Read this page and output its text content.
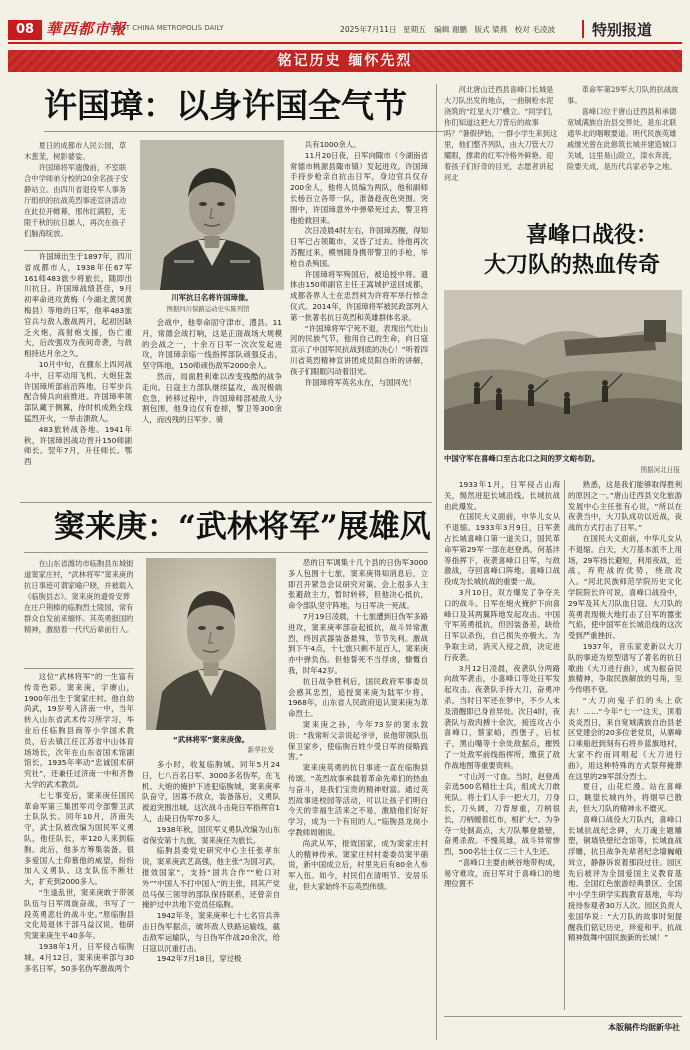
08 華西都市報
WEST CHINA METROPOLIS DAILY	2025年7月11日 星期五 编辑 谢鹏 版式 梁燕 校对 毛凌波 特别报道
铭记历史 缅怀先烈
许国璋：以身许国全气节

夏日的成都市人民公园，草木葱茏，树影婆娑。

许国璋将军遗像前，不室联合中学师弟分校的20余名孩子安静站立。由四川省退役军人事务厅组织的抗战英烈事迹宣讲活动在此拉开帷幕，邢伟红满腔，无限千秋的抗日雄人，再次在孩子们脑海绽放。

川军抗日名将许国璋像。
图据四川保路运动史实陈列馆

许国璋出生于1897年，四川省成都市人，1938年任67军161师483旅少将旅长，随即出川抗日。许国璋战绩甚佳，9月初率命进攻黄梅（今湖北黄冈黄梅县）等地的日军，他率483旅官兵与敌人激战两月，起初因缺乏火炮，高射炮支援，伤亡重大，后改强攻为夜间奇袭，与敌相持达月余之久。

10月中旬，在骤东上四河战斗中，日军动用飞机、大炮狂轰许国璋所部前沿阵地，日军步兵配合骑兵向前推进。许国璋率领部队藏于侧翼，待时机成熟全线猛烈开火，一举击溃敌人。

483旅转战各地。1941年秋，许国璋因战功晋升150师副师长。翌年7月，升任师长。鄂西

会战中，他奉命固守津市、澧县。11月，常德会战打响，这是正面战场大规模的会战之一，十余万日军一次次发起进攻，许国璋亲临一线指挥部队顽强反击，坚守阵地，150师顽伤敌军2000余人。

然而，局面胜利难以改变残酷的战争走向。日寇主力部队继续猛攻，战况极端危急，转移过程中，许国璋师部被敌人分割包围，他身边仅有卷掉，警卫等300余人，而凶残的日军步、骑

兵有1000余人。

11月20日夜，日军向陬市（今湖南省常德市桃源县陬市镇）发起进攻。许国璋手持步枪亲自抗击日军，身边官兵仅存200余人，他将人员编为两队，他和副师长杨百立各带一队，准备趁夜色突围。突围中，许国璋意外中弹晕死过去，警卫将他抢救回来。

次日凌晨4时左右，许国璋苏醒，得知日军已占领陬市，又昏了过去。待他再次苏醒过来，模刎随身携带警卫的手枪，举枪自杀殉国。

许国璋将军殉国后，被追授中将。遗体由150师副官主任王嵩城护送回成都，成都各界人士在忠烈祠为许将军举行悼念仪式。2014年，许国璋将军被民政部列入第一批著名抗日英烈和英雄群体名录。

“许国璋将军宁死不退，表现出气壮山河的民族气节，他用自己的生命，向日寇宣示了中国军民抗战到底的决心！”听着四川省英烈精神宣讲团成员阳自昕的讲解，孩子们眼眶闪动着泪光。

许国璋将军英名永在，与国同光！

窦来庚：“武林将军”展雄风

在山东省潍坊市临朐县东城街道窦家庄村，“武林将军”窦来庚的抗日事迹可谓家喻户晓，并被载入《临朐县志》。窦来庚的遗骨安葬在庄户荆榛的临朐烈士陵园，常有群众自发前来缅怀。其英勇报国的精神，激励着一代代后辈前行人。

“武林将军”窦来庚像。
新华社发

这位“武林将军”的一生富有传奇色彩。窦来庚，字赓山，1900年出生于窦家庄村。他自幼尚武，19岁考入济南一中，当年转入山东省武术传习所学习，毕业后任临朐县商等小学国术教员，后去镇江任江苏省中山体育场场长，次年在山东省国术馆副馆长，1935年率动“忠诚国术研究社”，还兼任过济南一中和齐鲁大学的武术教员。

七七事变后，窦来庚任国民革命军第三集团军司令部警卫武士队队长。同年10月，济南失守，武士队被改编为国民军义勇队，他任队长，率120人来到临朐。此后，他多方筹集装备，很多爱国人士仰慕他的威望，纷纷加入义勇队。这支队伍不断壮大，扩充到2000多人。

“生逢乱世，窦来庚敢于带领队伍与日军周旋奋战，书写了一段英勇悲壮的战斗史。”原临朐县文化局退休干部马益汉说，他研究窦来庚生平40多年。

1938年1月，日军侵占临朐城。4月12日，窦来庚率部与30多名日军，50多名伪军激战两个

多小时，收复临朐城。同年5月24日，七八百名日军、3000多名伪军，在飞机、大炮的掩护下进犯临朐城，窦来庚率队奋守，因寡不敌众，装备落后，义勇队被迫突围出城。这次战斗击毙日军指挥官1人，击毙日伪军70多人。

1938年秋，国民军义勇队改编为山东省保安第十九旅，窦来庚任为旅长。

临朐县委党史研究中心主任张孝东说，窦来庚武艺高强，他主张“为国习武，报效国家”，支持“国共合作”“枪口对外”“中国人不打中国人”的主张，同其产党员马保三领导的部队保持联系，还曾亲自掩护过中共地下党员任临朐。

1942年冬，窦来庚率七十七名官兵奔击日伪军据点，破坏敌人铁路运输线，截击敌军运输队，与日伪军作战20余次，给日寇以沉重打击。

1942年7月18日，穿过极

恶的日军调集十几个县的日伪军3000多人包围十七旅，窦来庚得知消息后，立即召开紧急会议研究对策。会上很多人主张避敌主力，暂时转移，但他决心抵抗，命令部队坚守阵地，与日军决一死战。

7月19日凌晨，十七旅遭到日伪军多路进攻，窦来庚率部奋起抵抗，战斗异常激烈，终因武器装备悬殊，节节失利。激战到下午4点，十七旅只剩不足百人，窦来庚亦中弹负伤。但他誓死不当俘虏，慷慨自我，时年42岁。

抗日战争胜利后，国民政府军事委员会感其忠烈，追授窦来庚为陆军少将。1968年，山东省人民政府追认窦来庚为革命烈士。

窦来庚之孙，今年73岁的窦永敦说：“我常听父亲说起爷爷，说他带领队伍保卫家乡，使临朐百姓少受日军的侵略践害。”

窦来庚英勇的抗日事迹一直在临朐县传颂。“英烈故事承载着革命先辈们的热血与奋斗，是我们宝贵的精神财富。通过英烈故事进校园等活动，可以让孩子们明白今天的幸福生活来之不易，激励他们好好学习，成为一个有用的人。”临朐县龙岗小学教师周娟说。

尚武从军，报效国家，成为窦家庄村人的精神传承。窦家庄村村委委员窦平硝说，新中国成立后，村里先后有80余人参军入伍。如今，村民们在清明节、安居乐业，但大家始终不忘英烈伟绩。

河北唐山迁西县喜峰口长城是大刀队出发的地点，一曲铜枪水泥浇筑的“红星大刀”横立。“同学们，你们知道这把大刀背后的故事吗？”暑假伊始，一群小学生来到这里，他们整齐列队，由大刀管大刀耀眼，撑肃的红军冷格外鲜艳。迎着孩子们好奇的目光，志愿者讲起河北

革命军第29军大刀队的抗战故事。

喜峰口位于唐山迁西县和承德宽城满族自治县交界处，是东北联通华北的咽喉要道。明代民族英雄戚继光曾在此修筑长城并建造城口关城，这里易山险立，滦水奔流，险要天成，是历代兵家必争之地。

喜峰口战役：
大刀队的热血传奇
中国守军在喜峰口至古北口之间的罗文峪布防。
图据河北日报

1933年1月，日军侵占山海关，惕然进犯长城沿线。长城抗战由此爆发。

在国民大义面前，中华儿女从不退缩。1933年3月9日，日军袭占长城喜峰口第一道关口，国民革命军第29军一部在赵登禹，何基沣等指挥下，夜袭喜峰口日军，与敌激战，夺回喜峰口阵地。喜峰口战役成为长城抗战的重要一战。

3月10日，双方爆发了争夺关口的战斗。日军在炮火掩护下向喜峰口及其两翼阵地发起攻击。中国守军英勇抵抗，但因装备差，缺给日军以杀伤，自己损失亦极大。为争取主动，消灭入侵之敌，决定进行夜袭。

3月12日凌晨，夜袭队分两路向敌军袭击，小喜峰口等处日军发起攻击。夜袭队手持大刀，奋勇冲杀。当时日军还在梦中，不少人未及清醒即已身首异处。次日4时，夜袭队与敌肉搏十余次，接连攻占小喜峰口，蔡家峪，西堡子，后杖子，黑山嘴等十余处敌据点，摧毁了一处敌军前线指挥所，缴获了敌作战地图等重要资料。

“寸山河一寸血。当时，赵登禹亲选500名精壮士兵，组成大刀敢死队。将士们人手一把大刀，刀身长，刀头阔，刀背厚重，刀柄很长，刀柄缠着红布，相扩大”。为争夺一处制高点，大刀队攀登悬壁，奋勇杀敌。不愧英雄，战斗异常惨烈，500名壮士仅二三十人生还。

“喜峰口主要由峡谷地带构成，易守难攻，而日军对于喜峰口的地理位置不

熟悉，这是我们能够取得胜利的原因之一。”唐山迁西县文化旅游发展中心主任张有心说，“所以在夜袭当中，大刀队成功以近战，夜战的方式打击了日军。”

在国民大义面前，中华儿女从不退缩。白天，大刀基本派不上用场，29军扬长避短，利用夜战，近战，弃兜战的优势，绕敌攻入。“河北民族师范学院历史文化学院院长许可说，喜峰口战役中，29军及其大刀队血日寇。大刀队的英勇表现极大地打击了日军的嚣张气焰，使中国军在长城沿线的这次受到严重挫折。

1937年，音乐家麦新以大刀队的事迹为原型谱写了著名的抗日歌曲《大刀进行曲》，成为振奋民族精神，争取民族解放的号角，至今传唱不衰。

“大刀向鬼子们的头上砍去！……”今年“七一”这天，顶着炎炎烈日，来自宽城满族自治县老区党建会的20多位老党员，从寨峰口乘船赶到刻有石将乡蓝旗地村，大家不约而同唱起《大刀进行曲》，用这种特殊的方式祭拜掩葬在这里的29军部分烈士。

夏日，山花烂漫。站在喜峰口，眺望长城内外，将烟早已散去，但大刀队的精神永不磨灭。

喜峰口战役大刀队内，喜峰口长城抗战纪念碑，大刀魂主题雕塑，铜墙铁壁纪念馆等，长城血战浮雕，抗日战争先辈者纪念墙巍峨耸立，静静诉说着那段过往。园区先后被评为全国爱国主义教育基地、全国红色旅游经典景区、全国中小学生研学实践教育基地，年均接待参观者30万人次。园区负责人张国华说：“大刀队的故事时刻提醒我们铭记历史，珍爱和平。抗战精神鼓舞中国民族新的长城！”

本版稿件均据新华社
